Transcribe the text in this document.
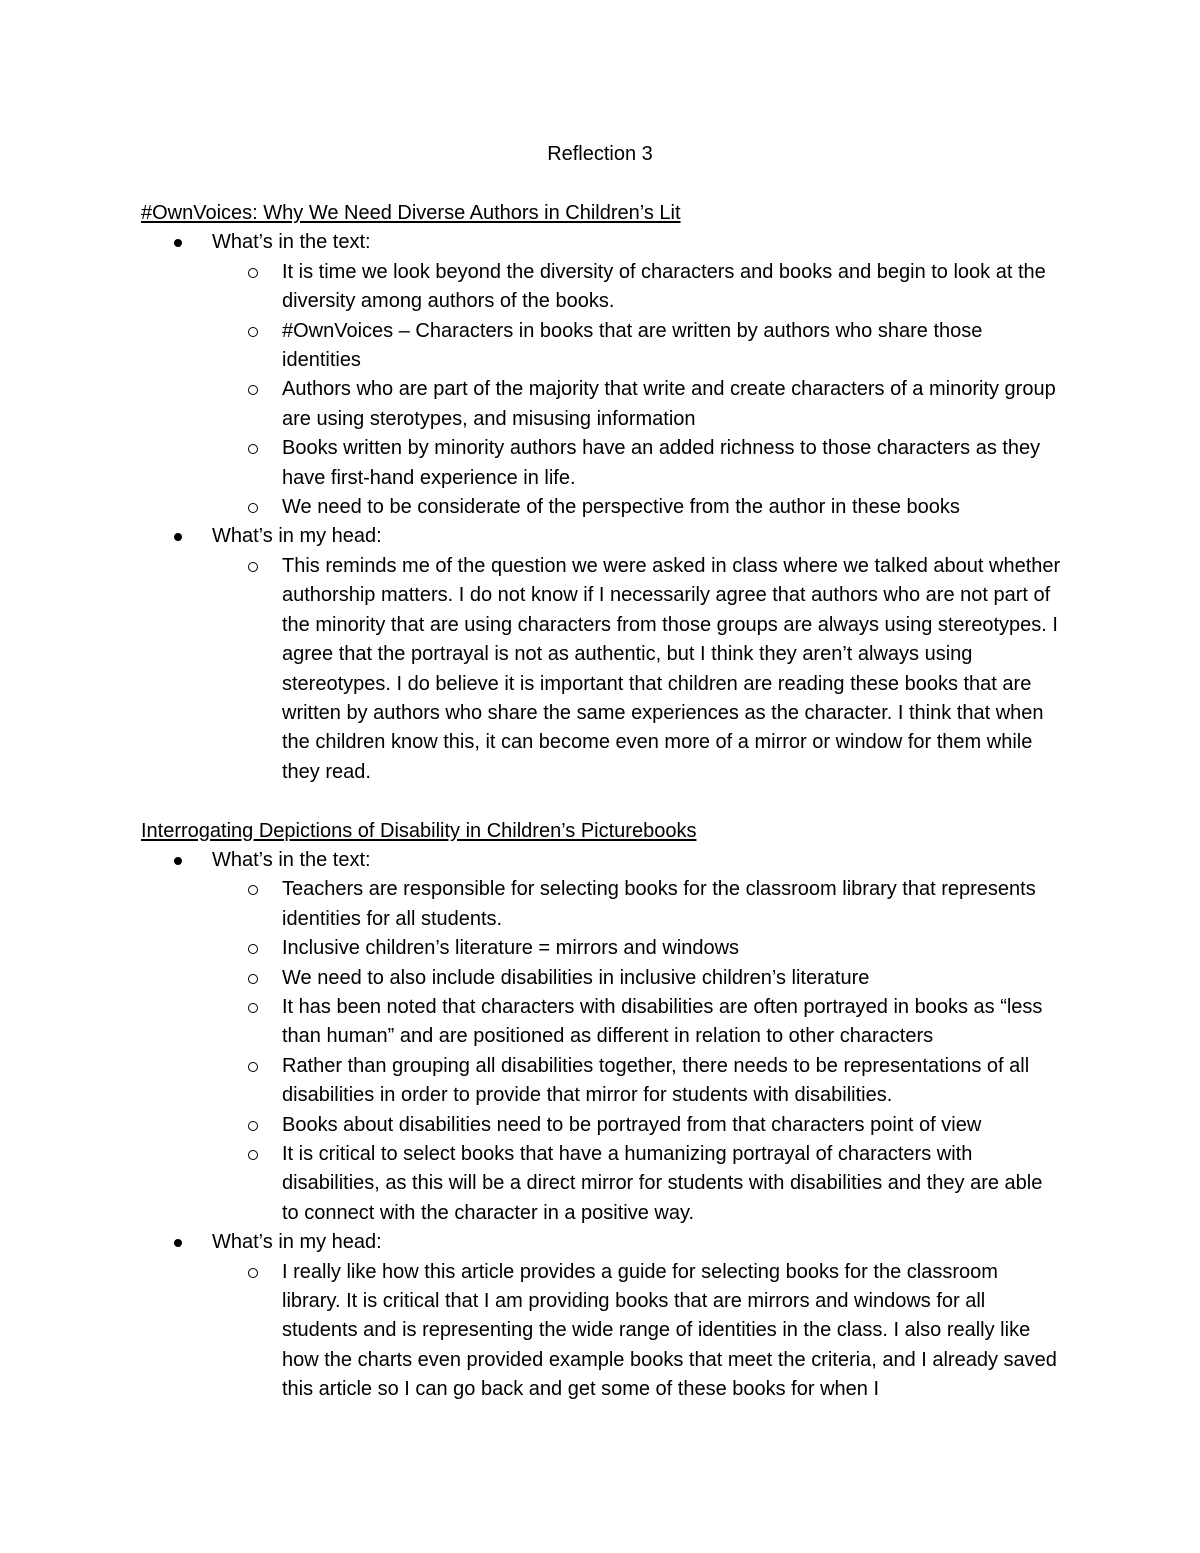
Reflection 3
#OwnVoices: Why We Need Diverse Authors in Children’s Lit
What’s in the text:
It is time we look beyond the diversity of characters and books and begin to look at the diversity among authors of the books.
#OwnVoices – Characters in books that are written by authors who share those identities
Authors who are part of the majority that write and create characters of a minority group are using sterotypes, and misusing information
Books written by minority authors have an added richness to those characters as they have first-hand experience in life.
We need to be considerate of the perspective from the author in these books
What’s in my head:
This reminds me of the question we were asked in class where we talked about whether authorship matters. I do not know if I necessarily agree that authors who are not part of the minority that are using characters from those groups are always using stereotypes. I agree that the portrayal is not as authentic, but I think they aren’t always using stereotypes. I do believe it is important that children are reading these books that are written by authors who share the same experiences as the character. I think that when the children know this, it can become even more of a mirror or window for them while they read.
Interrogating Depictions of Disability in Children’s Picturebooks
What’s in the text:
Teachers are responsible for selecting books for the classroom library that represents identities for all students.
Inclusive children’s literature = mirrors and windows
We need to also include disabilities in inclusive children’s literature
It has been noted that characters with disabilities are often portrayed in books as “less than human” and are positioned as different in relation to other characters
Rather than grouping all disabilities together, there needs to be representations of all disabilities in order to provide that mirror for students with disabilities.
Books about disabilities need to be portrayed from that characters point of view
It is critical to select books that have a humanizing portrayal of characters with disabilities, as this will be a direct mirror for students with disabilities and they are able to connect with the character in a positive way.
What’s in my head:
I really like how this article provides a guide for selecting books for the classroom library. It is critical that I am providing books that are mirrors and windows for all students and is representing the wide range of identities in the class. I also really like how the charts even provided example books that meet the criteria, and I already saved this article so I can go back and get some of these books for when I
